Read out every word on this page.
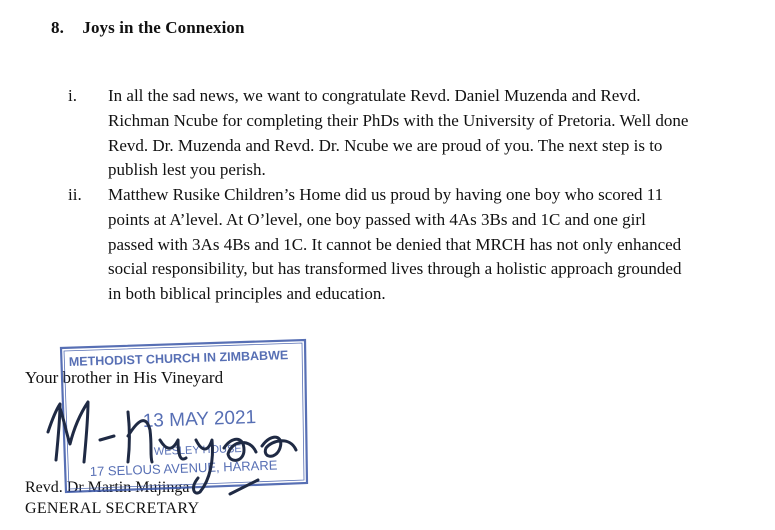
8. Joys in the Connexion
i. In all the sad news, we want to congratulate Revd. Daniel Muzenda and Revd.
Richman Ncube for completing their PhDs with the University of Pretoria. Well done
Revd. Dr. Muzenda and Revd. Dr. Ncube we are proud of you. The next step is to
publish lest you perish.
ii. Matthew Rusike Children’s Home did us proud by having one boy who scored 11
points at A’level. At O’level, one boy passed with 4As 3Bs and 1C and one girl
passed with 3As 4Bs and 1C. It cannot be denied that MRCH has not only enhanced
social responsibility, but has transformed lives through a holistic approach grounded
in both biblical principles and education.
Your brother in His Vineyard
Revd. Dr Martin Mujinga
GENERAL SECRETARY
METHODIST CHURCH IN ZIMBABWE
13 MAY 2021
WESLEY HOUSE
17 SELOUS AVENUE, HARARE
